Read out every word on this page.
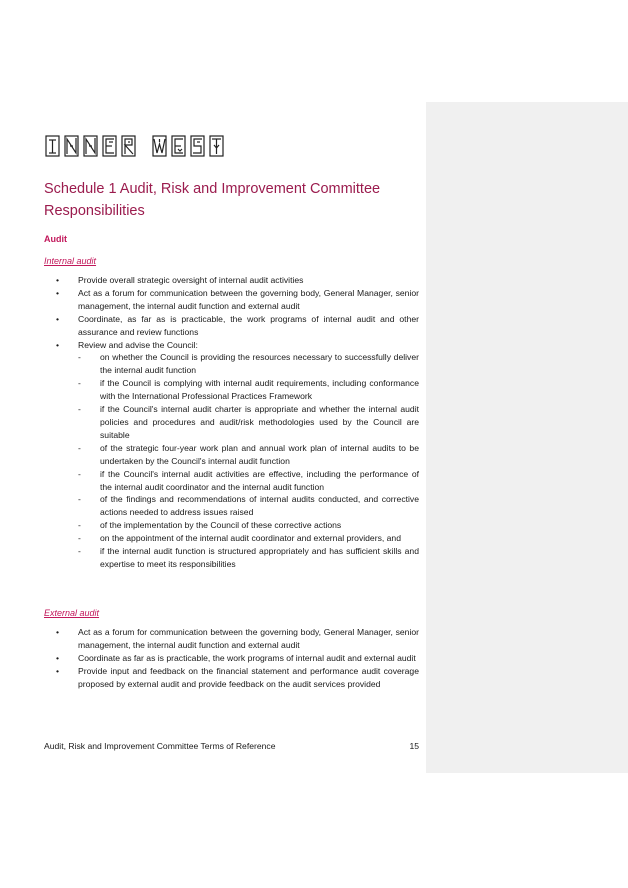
Schedule 1 Audit, Risk and Improvement Committee Responsibilities
Audit
Internal audit
• Provide overall strategic oversight of internal audit activities
• Act as a forum for communication between the governing body, General Manager, senior management, the internal audit function and external audit
• Coordinate, as far as is practicable, the work programs of internal audit and other assurance and review functions
• Review and advise the Council:
- on whether the Council is providing the resources necessary to successfully deliver the internal audit function
- if the Council is complying with internal audit requirements, including conformance with the International Professional Practices Framework
- if the Council's internal audit charter is appropriate and whether the internal audit policies and procedures and audit/risk methodologies used by the Council are suitable
- of the strategic four-year work plan and annual work plan of internal audits to be undertaken by the Council's internal audit function
- if the Council's internal audit activities are effective, including the performance of the internal audit coordinator and the internal audit function
- of the findings and recommendations of internal audits conducted, and corrective actions needed to address issues raised
- of the implementation by the Council of these corrective actions
- on the appointment of the internal audit coordinator and external providers, and
- if the internal audit function is structured appropriately and has sufficient skills and expertise to meet its responsibilities
External audit
• Act as a forum for communication between the governing body, General Manager, senior management, the internal audit function and external audit
• Coordinate as far as is practicable, the work programs of internal audit and external audit
• Provide input and feedback on the financial statement and performance audit coverage proposed by external audit and provide feedback on the audit services provided
Audit, Risk and Improvement Committee Terms of Reference	15
